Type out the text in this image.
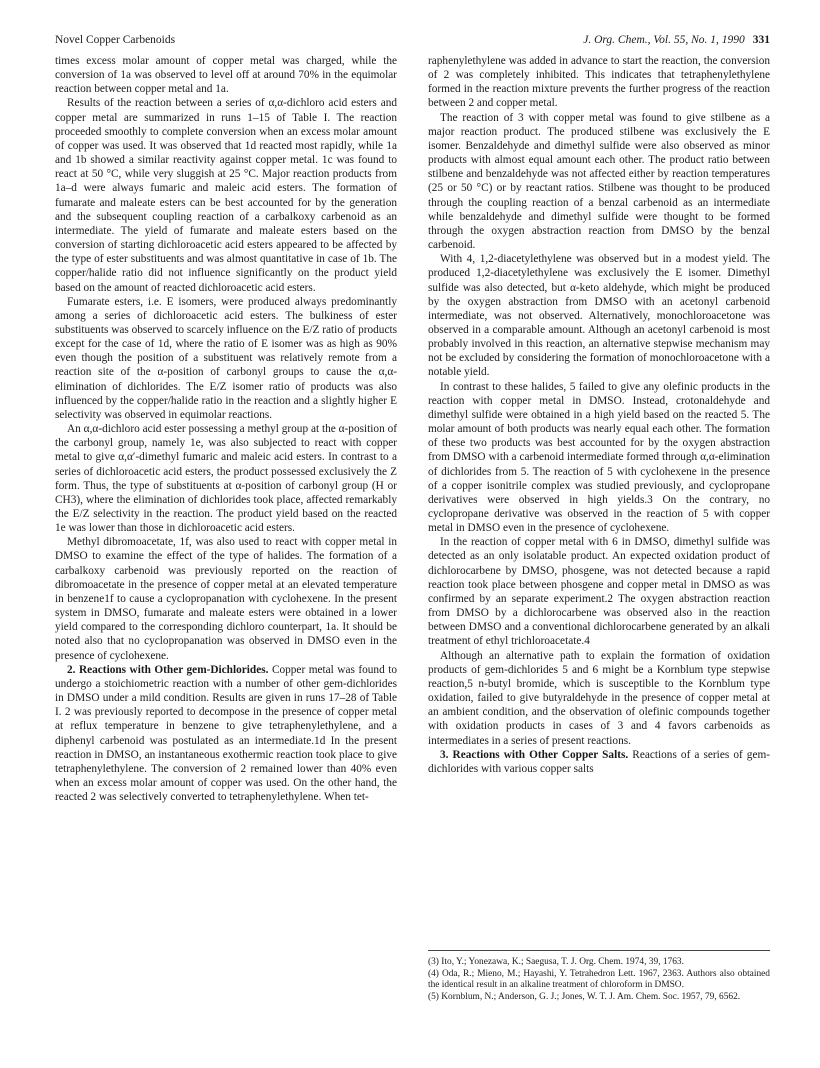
Novel Copper Carbenoids	J. Org. Chem., Vol. 55, No. 1, 1990 331

times excess molar amount of copper metal was charged, while the conversion of 1a was observed to level off at around 70% in the equimolar reaction between copper metal and 1a.

Results of the reaction between a series of α,α-dichloro acid esters and copper metal are summarized in runs 1–15 of Table I. The reaction proceeded smoothly to complete conversion when an excess molar amount of copper was used. It was observed that 1d reacted most rapidly, while 1a and 1b showed a similar reactivity against copper metal. 1c was found to react at 50 °C, while very sluggish at 25 °C. Major reaction products from 1a–d were always fumaric and maleic acid esters. The formation of fumarate and maleate esters can be best accounted for by the generation and the subsequent coupling reaction of a carbalkoxy carbenoid as an intermediate. The yield of fumarate and maleate esters based on the conversion of starting dichloroacetic acid esters appeared to be affected by the type of ester substituents and was almost quantitative in case of 1b. The copper/halide ratio did not influence significantly on the product yield based on the amount of reacted dichloroacetic acid esters.

Fumarate esters, i.e. E isomers, were produced always predominantly among a series of dichloroacetic acid esters. The bulkiness of ester substituents was observed to scarcely influence on the E/Z ratio of products except for the case of 1d, where the ratio of E isomer was as high as 90% even though the position of a substituent was relatively remote from a reaction site of the α-position of carbonyl groups to cause the α,α-elimination of dichlorides. The E/Z isomer ratio of products was also influenced by the copper/halide ratio in the reaction and a slightly higher E selectivity was observed in equimolar reactions.

An α,α-dichloro acid ester possessing a methyl group at the α-position of the carbonyl group, namely 1e, was also subjected to react with copper metal to give α,α′-dimethyl fumaric and maleic acid esters. In contrast to a series of dichloroacetic acid esters, the product possessed exclusively the Z form. Thus, the type of substituents at α-position of carbonyl group (H or CH3), where the elimination of dichlorides took place, affected remarkably the E/Z selectivity in the reaction. The product yield based on the reacted 1e was lower than those in dichloroacetic acid esters.

Methyl dibromoacetate, 1f, was also used to react with copper metal in DMSO to examine the effect of the type of halides. The formation of a carbalkoxy carbenoid was previously reported on the reaction of dibromoacetate in the presence of copper metal at an elevated temperature in benzene1f to cause a cyclopropanation with cyclohexene. In the present system in DMSO, fumarate and maleate esters were obtained in a lower yield compared to the corresponding dichloro counterpart, 1a. It should be noted also that no cyclopropanation was observed in DMSO even in the presence of cyclohexene.

2. Reactions with Other gem-Dichlorides. Copper metal was found to undergo a stoichiometric reaction with a number of other gem-dichlorides in DMSO under a mild condition. Results are given in runs 17–28 of Table I. 2 was previously reported to decompose in the presence of copper metal at reflux temperature in benzene to give tetraphenylethylene, and a diphenyl carbenoid was postulated as an intermediate.1d In the present reaction in DMSO, an instantaneous exothermic reaction took place to give tetraphenylethylene. The conversion of 2 remained lower than 40% even when an excess molar amount of copper was used. On the other hand, the reacted 2 was selectively converted to tetraphenylethylene. When tet-

raphenylethylene was added in advance to start the reaction, the conversion of 2 was completely inhibited. This indicates that tetraphenylethylene formed in the reaction mixture prevents the further progress of the reaction between 2 and copper metal.

The reaction of 3 with copper metal was found to give stilbene as a major reaction product. The produced stilbene was exclusively the E isomer. Benzaldehyde and dimethyl sulfide were also observed as minor products with almost equal amount each other. The product ratio between stilbene and benzaldehyde was not affected either by reaction temperatures (25 or 50 °C) or by reactant ratios. Stilbene was thought to be produced through the coupling reaction of a benzal carbenoid as an intermediate while benzaldehyde and dimethyl sulfide were thought to be formed through the oxygen abstraction reaction from DMSO by the benzal carbenoid.

With 4, 1,2-diacetylethylene was observed but in a modest yield. The produced 1,2-diacetylethylene was exclusively the E isomer. Dimethyl sulfide was also detected, but α-keto aldehyde, which might be produced by the oxygen abstraction from DMSO with an acetonyl carbenoid intermediate, was not observed. Alternatively, monochloroacetone was observed in a comparable amount. Although an acetonyl carbenoid is most probably involved in this reaction, an alternative stepwise mechanism may not be excluded by considering the formation of monochloroacetone with a notable yield.

In contrast to these halides, 5 failed to give any olefinic products in the reaction with copper metal in DMSO. Instead, crotonaldehyde and dimethyl sulfide were obtained in a high yield based on the reacted 5. The molar amount of both products was nearly equal each other. The formation of these two products was best accounted for by the oxygen abstraction from DMSO with a carbenoid intermediate formed through α,α-elimination of dichlorides from 5. The reaction of 5 with cyclohexene in the presence of a copper isonitrile complex was studied previously, and cyclopropane derivatives were observed in high yields.3 On the contrary, no cyclopropane derivative was observed in the reaction of 5 with copper metal in DMSO even in the presence of cyclohexene.

In the reaction of copper metal with 6 in DMSO, dimethyl sulfide was detected as an only isolatable product. An expected oxidation product of dichlorocarbene by DMSO, phosgene, was not detected because a rapid reaction took place between phosgene and copper metal in DMSO as was confirmed by an separate experiment.2 The oxygen abstraction reaction from DMSO by a dichlorocarbene was observed also in the reaction between DMSO and a conventional dichlorocarbene generated by an alkali treatment of ethyl trichloroacetate.4

Although an alternative path to explain the formation of oxidation products of gem-dichlorides 5 and 6 might be a Kornblum type stepwise reaction,5 n-butyl bromide, which is susceptible to the Kornblum type oxidation, failed to give butyraldehyde in the presence of copper metal at an ambient condition, and the observation of olefinic compounds together with oxidation products in cases of 3 and 4 favors carbenoids as intermediates in a series of present reactions.

3. Reactions with Other Copper Salts. Reactions of a series of gem-dichlorides with various copper salts

(3) Ito, Y.; Yonezawa, K.; Saegusa, T. J. Org. Chem. 1974, 39, 1763.

(4) Oda, R.; Mieno, M.; Hayashi, Y. Tetrahedron Lett. 1967, 2363. Authors also obtained the identical result in an alkaline treatment of chloroform in DMSO.

(5) Kornblum, N.; Anderson, G. J.; Jones, W. T. J. Am. Chem. Soc. 1957, 79, 6562.
